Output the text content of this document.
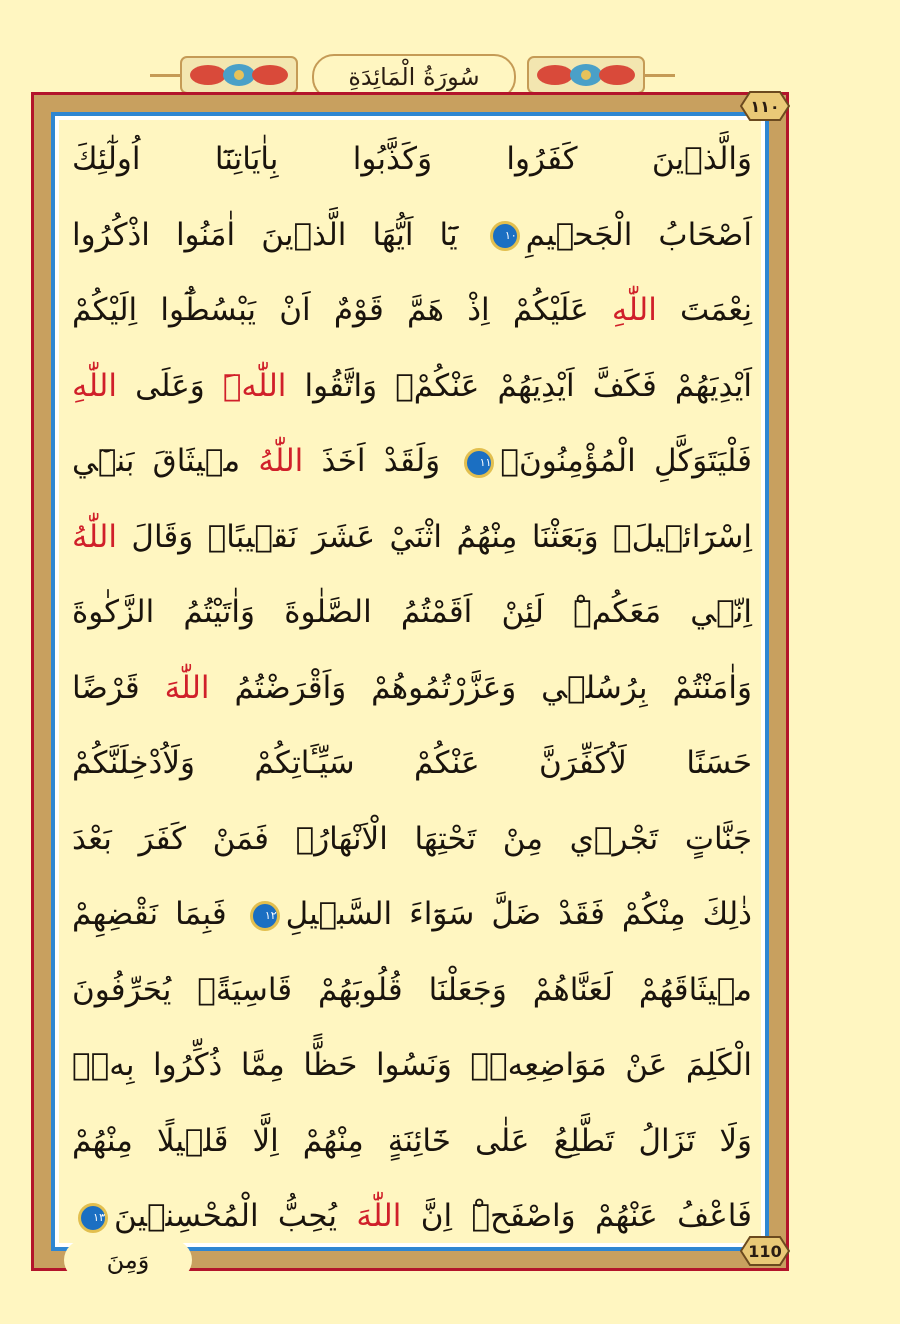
سُورَةُ الْمَائِدَةِ
١١٠
110
وَالَّذٖينَ كَفَرُوا وَكَذَّبُوا بِاٰيَاتِنَٓا اُولٰٓئِكَ
اَصْحَابُ الْجَحٖيمِ١٠ يَٓا اَيُّهَا الَّذٖينَ اٰمَنُوا اذْكُرُوا
نِعْمَتَ اللّٰهِ عَلَيْكُمْ اِذْ هَمَّ قَوْمٌ اَنْ يَبْسُطُٓوا اِلَيْكُمْ
اَيْدِيَهُمْ فَكَفَّ اَيْدِيَهُمْ عَنْكُمْۚ وَاتَّقُوا اللّٰهَۜ وَعَلَى اللّٰهِ
فَلْيَتَوَكَّلِ الْمُؤْمِنُونَ۟١١ وَلَقَدْ اَخَذَ اللّٰهُ مٖيثَاقَ بَنٖٓي
اِسْرَٓائٖيلَۚ وَبَعَثْنَا مِنْهُمُ اثْنَيْ عَشَرَ نَقٖيبًاۜ وَقَالَ اللّٰهُ
اِنّٖي مَعَكُمْۜ لَئِنْ اَقَمْتُمُ الصَّلٰوةَ وَاٰتَيْتُمُ الزَّكٰوةَ
وَاٰمَنْتُمْ بِرُسُلٖي وَعَزَّرْتُمُوهُمْ وَاَقْرَضْتُمُ اللّٰهَ قَرْضًا
حَسَنًا لَاُكَفِّرَنَّ عَنْكُمْ سَيِّـَٔاتِكُمْ وَلَاُدْخِلَنَّكُمْ
جَنَّاتٍ تَجْرٖي مِنْ تَحْتِهَا الْاَنْهَارُۚ فَمَنْ كَفَرَ بَعْدَ
ذٰلِكَ مِنْكُمْ فَقَدْ ضَلَّ سَوَٓاءَ السَّبٖيلِ١٢ فَبِمَا نَقْضِهِمْ
مٖيثَاقَهُمْ لَعَنَّاهُمْ وَجَعَلْنَا قُلُوبَهُمْ قَاسِيَةًۚ يُحَرِّفُونَ
الْكَلِمَ عَنْ مَوَاضِعِهٖۙ وَنَسُوا حَظًّا مِمَّا ذُكِّرُوا بِهٖۚ
وَلَا تَزَالُ تَطَّلِعُ عَلٰى خَٓائِنَةٍ مِنْهُمْ اِلَّا قَلٖيلًا مِنْهُمْ
فَاعْفُ عَنْهُمْ وَاصْفَحْۜ اِنَّ اللّٰهَ يُحِبُّ الْمُحْسِنٖينَ١٣
وَمِنَ
